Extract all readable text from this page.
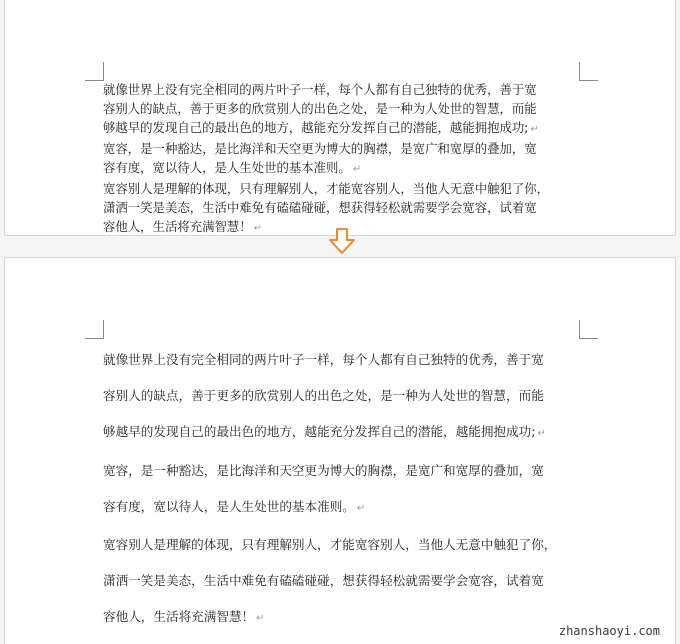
就像世界上没有完全相同的两片叶子一样，每个人都有自己独特的优秀，善于宽

容别人的缺点，善于更多的欣赏别人的出色之处，是一种为人处世的智慧，而能

够越早的发现自己的最出色的地方，越能充分发挥自己的潜能，越能拥抱成功; ↵

宽容，是一种豁达，是比海洋和天空更为博大的胸襟，是宽广和宽厚的叠加，宽

容有度，宽以待人，是人生处世的基本准则。 ↵

宽容别人是理解的体现，只有理解别人，才能宽容别人，当他人无意中触犯了你，

潇洒一笑是美态，生活中难免有磕磕碰碰，想获得轻松就需要学会宽容，试着宽

容他人，生活将充满智慧！ ↵

就像世界上没有完全相同的两片叶子一样，每个人都有自己独特的优秀，善于宽

容别人的缺点，善于更多的欣赏别人的出色之处，是一种为人处世的智慧，而能

够越早的发现自己的最出色的地方，越能充分发挥自己的潜能，越能拥抱成功; ↵

宽容，是一种豁达，是比海洋和天空更为博大的胸襟，是宽广和宽厚的叠加，宽

容有度，宽以待人，是人生处世的基本准则。 ↵

宽容别人是理解的体现，只有理解别人，才能宽容别人，当他人无意中触犯了你，

潇洒一笑是美态，生活中难免有磕磕碰碰，想获得轻松就需要学会宽容，试着宽

容他人，生活将充满智慧！ ↵

zhanshaoyi.com
